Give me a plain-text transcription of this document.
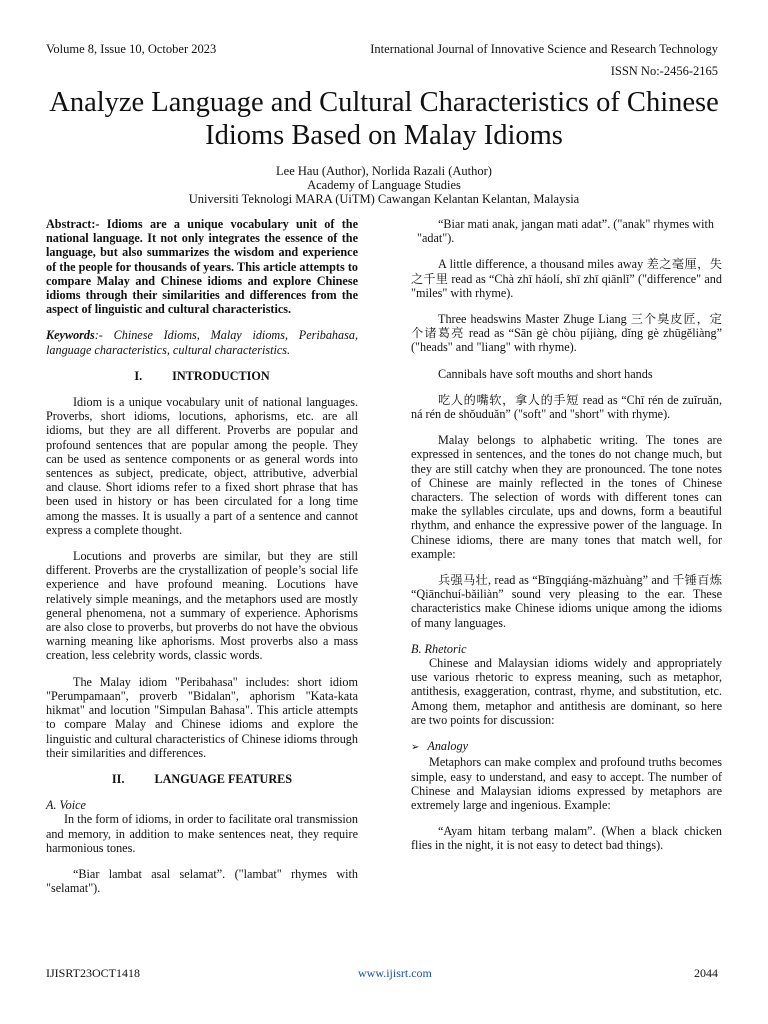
Volume 8, Issue 10, October 2023	International Journal of Innovative Science and Research Technology
ISSN No:-2456-2165
Analyze Language and Cultural Characteristics of Chinese Idioms Based on Malay Idioms
Lee Hau (Author), Norlida Razali (Author)
Academy of Language Studies
Universiti Teknologi MARA (UiTM) Cawangan Kelantan Kelantan, Malaysia

Abstract:- Idioms are a unique vocabulary unit of the national language. It not only integrates the essence of the language, but also summarizes the wisdom and experience of the people for thousands of years. This article attempts to compare Malay and Chinese idioms and explore Chinese idioms through their similarities and differences from the aspect of linguistic and cultural characteristics.

Keywords:- Chinese Idioms, Malay idioms, Peribahasa, language characteristics, cultural characteristics.

I. INTRODUCTION

Idiom is a unique vocabulary unit of national languages. Proverbs, short idioms, locutions, aphorisms, etc. are all idioms, but they are all different. Proverbs are popular and profound sentences that are popular among the people. They can be used as sentence components or as general words into sentences as subject, predicate, object, attributive, adverbial and clause. Short idioms refer to a fixed short phrase that has been used in history or has been circulated for a long time among the masses. It is usually a part of a sentence and cannot express a complete thought.

Locutions and proverbs are similar, but they are still different. Proverbs are the crystallization of people’s social life experience and have profound meaning. Locutions have relatively simple meanings, and the metaphors used are mostly general phenomena, not a summary of experience. Aphorisms are also close to proverbs, but proverbs do not have the obvious warning meaning like aphorisms. Most proverbs also a mass creation, less celebrity words, classic words.

The Malay idiom "Peribahasa" includes: short idiom "Perumpamaan", proverb "Bidalan", aphorism "Kata-kata hikmat" and locution "Simpulan Bahasa". This article attempts to compare Malay and Chinese idioms and explore the linguistic and cultural characteristics of Chinese idioms through their similarities and differences.

II. LANGUAGE FEATURES

A. Voice

In the form of idioms, in order to facilitate oral transmission and memory, in addition to make sentences neat, they require harmonious tones.

“Biar lambat asal selamat”. ("lambat" rhymes with "selamat").

“Biar mati anak, jangan mati adat”. ("anak" rhymes with

"adat").

A little difference, a thousand miles away 差之毫厘，失之千里 read as “Chà zhī háolí, shī zhī qiānlǐ” ("difference" and "miles" with rhyme).

Three headswins Master Zhuge Liang 三个臭皮匠，定个诸葛亮 read as “Sān gè chòu píjiàng, dǐng gè zhūgěliàng” ("heads" and "liang" with rhyme).

Cannibals have soft mouths and short hands

吃人的嘴软，拿人的手短 read as “Chī rén de zuǐruǎn, ná rén de shǒuduǎn” ("soft" and "short" with rhyme).

Malay belongs to alphabetic writing. The tones are expressed in sentences, and the tones do not change much, but they are still catchy when they are pronounced. The tone notes of Chinese are mainly reflected in the tones of Chinese characters. The selection of words with different tones can make the syllables circulate, ups and downs, form a beautiful rhythm, and enhance the expressive power of the language. In Chinese idioms, there are many tones that match well, for example:

兵强马壮, read as “Bīngqiáng-mǎzhuàng” and 千锤百炼 “Qiānchuí-bǎiliàn” sound very pleasing to the ear. These characteristics make Chinese idioms unique among the idioms of many languages.

B. Rhetoric

Chinese and Malaysian idioms widely and appropriately use various rhetoric to express meaning, such as metaphor, antithesis, exaggeration, contrast, rhyme, and substitution, etc. Among them, metaphor and antithesis are dominant, so here are two points for discussion:

➢ Analogy

Metaphors can make complex and profound truths becomes simple, easy to understand, and easy to accept. The number of Chinese and Malaysian idioms expressed by metaphors are extremely large and ingenious. Example:

“Ayam hitam terbang malam”. (When a black chicken flies in the night, it is not easy to detect bad things).

IJISRT23OCT1418	www.ijisrt.com	2044
